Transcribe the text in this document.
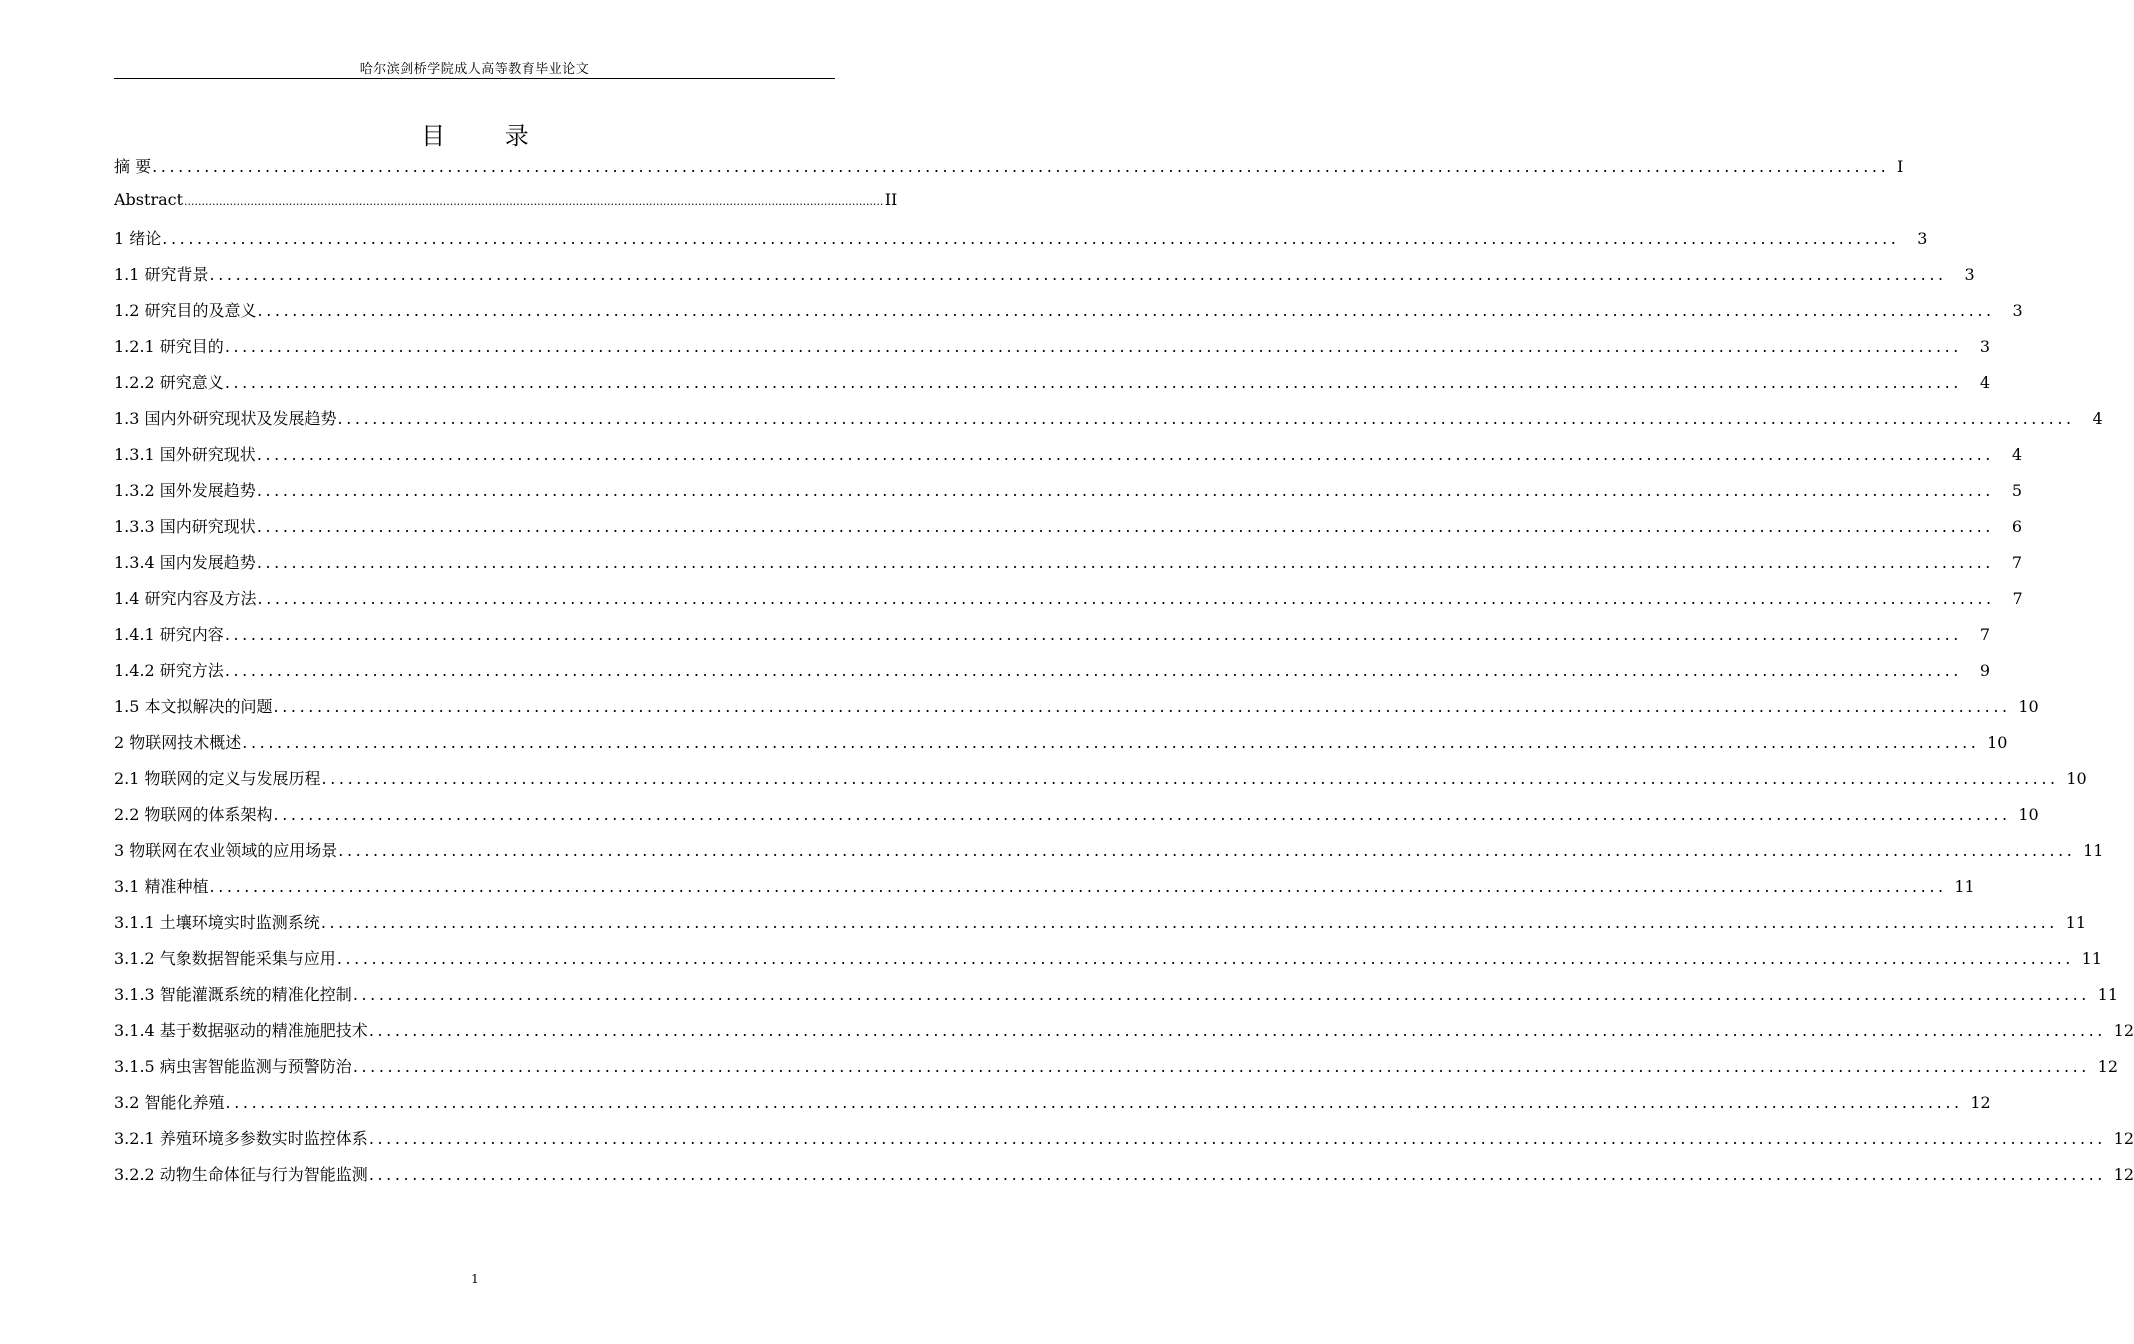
哈尔滨剑桥学院成人高等教育毕业论文
目 录
摘 要 ........................................................................................................................................................................................................ I
Abstract ........................................................................................................................................................................................................ II
1 绪论 ........................................................................................................................................................................................................	3
1.1 研究背景 ........................................................................................................................................................................................................	3
1.2 研究目的及意义 ........................................................................................................................................................................................................	3
1.2.1 研究目的 ........................................................................................................................................................................................................	3
1.2.2 研究意义 ........................................................................................................................................................................................................	4
1.3 国内外研究现状及发展趋势 ........................................................................................................................................................................................................	4
1.3.1 国外研究现状 ........................................................................................................................................................................................................	4
1.3.2 国外发展趋势 ........................................................................................................................................................................................................	5
1.3.3 国内研究现状 ........................................................................................................................................................................................................	6
1.3.4 国内发展趋势 ........................................................................................................................................................................................................	7
1.4 研究内容及方法 ........................................................................................................................................................................................................	7
1.4.1 研究内容 ........................................................................................................................................................................................................	7
1.4.2 研究方法 ........................................................................................................................................................................................................	9
1.5 本文拟解决的问题 ........................................................................................................................................................................................................ 10
2 物联网技术概述 ........................................................................................................................................................................................................ 10
2.1 物联网的定义与发展历程 ........................................................................................................................................................................................................ 10
2.2 物联网的体系架构 ........................................................................................................................................................................................................ 10
3 物联网在农业领域的应用场景 ........................................................................................................................................................................................................ 11
3.1 精准种植 ........................................................................................................................................................................................................ 11
3.1.1 土壤环境实时监测系统 ........................................................................................................................................................................................................ 11
3.1.2 气象数据智能采集与应用 ........................................................................................................................................................................................................ 11
3.1.3 智能灌溉系统的精准化控制 ........................................................................................................................................................................................................ 11
3.1.4 基于数据驱动的精准施肥技术 ........................................................................................................................................................................................................ 12
3.1.5 病虫害智能监测与预警防治 ........................................................................................................................................................................................................ 12
3.2 智能化养殖 ........................................................................................................................................................................................................ 12
3.2.1 养殖环境多参数实时监控体系 ........................................................................................................................................................................................................ 12
3.2.2 动物生命体征与行为智能监测 ........................................................................................................................................................................................................ 12
1
